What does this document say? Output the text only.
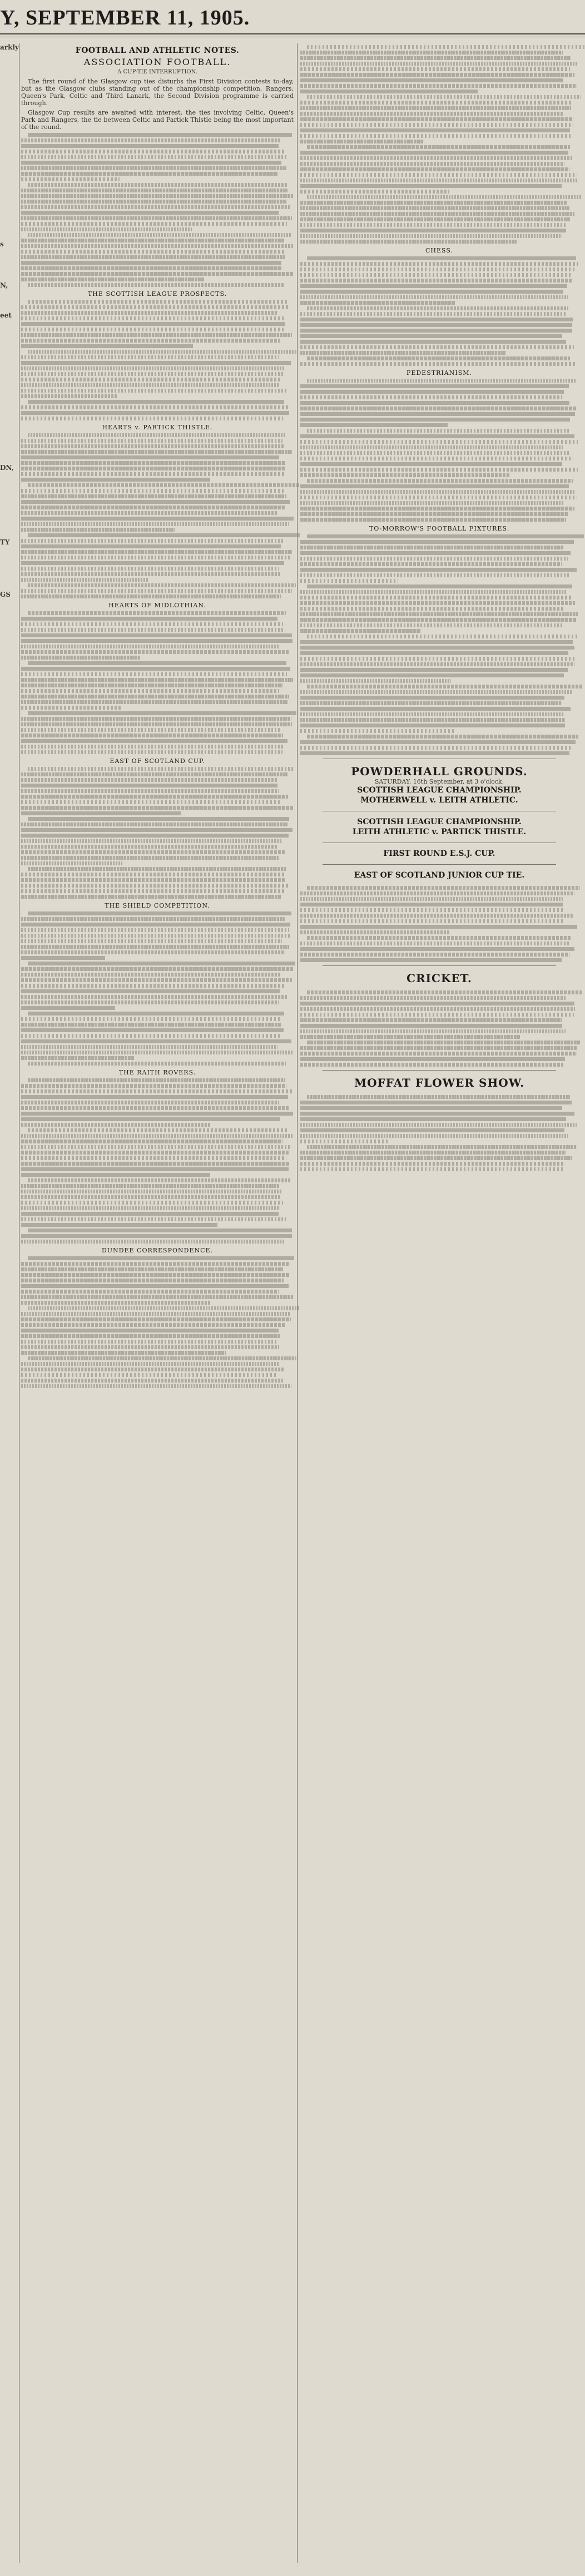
Y, SEPTEMBER 11, 1905.
arkly
s
N,
eet
DN,
TY
GS
FOOTBALL AND ATHLETIC NOTES.
ASSOCIATION FOOTBALL.
A CUP-TIE INTERRUPTION.

The first round of the Glasgow cup ties disturbs the First Division contests to-day, but as the Glasgow clubs standing out of the championship competition, Rangers, Queen's Park, Celtic and Third Lanark, the Second Division programme is carried through.

Glasgow Cup results are awaited with interest, the ties involving Celtic, Queen's Park and Rangers, the tie between Celtic and Partick Thistle being the most important of the round.

THE SCOTTISH LEAGUE PROSPECTS.
HEARTS v. PARTICK THISTLE.
HEARTS OF MIDLOTHIAN.
EAST OF SCOTLAND CUP.
THE SHIELD COMPETITION.
THE RAITH ROVERS.
DUNDEE CORRESPONDENCE.
CHESS.
PEDESTRIANISM.
TO-MORROW'S FOOTBALL FIXTURES.
POWDERHALL GROUNDS.
SATURDAY, 16th September, at 3 o'clock.
SCOTTISH LEAGUE CHAMPIONSHIP.
MOTHERWELL v. LEITH ATHLETIC.
SCOTTISH LEAGUE CHAMPIONSHIP.
LEITH ATHLETIC v. PARTICK THISTLE.
FIRST ROUND E.S.J. CUP.
EAST OF SCOTLAND JUNIOR CUP TIE.
CRICKET.
MOFFAT FLOWER SHOW.
